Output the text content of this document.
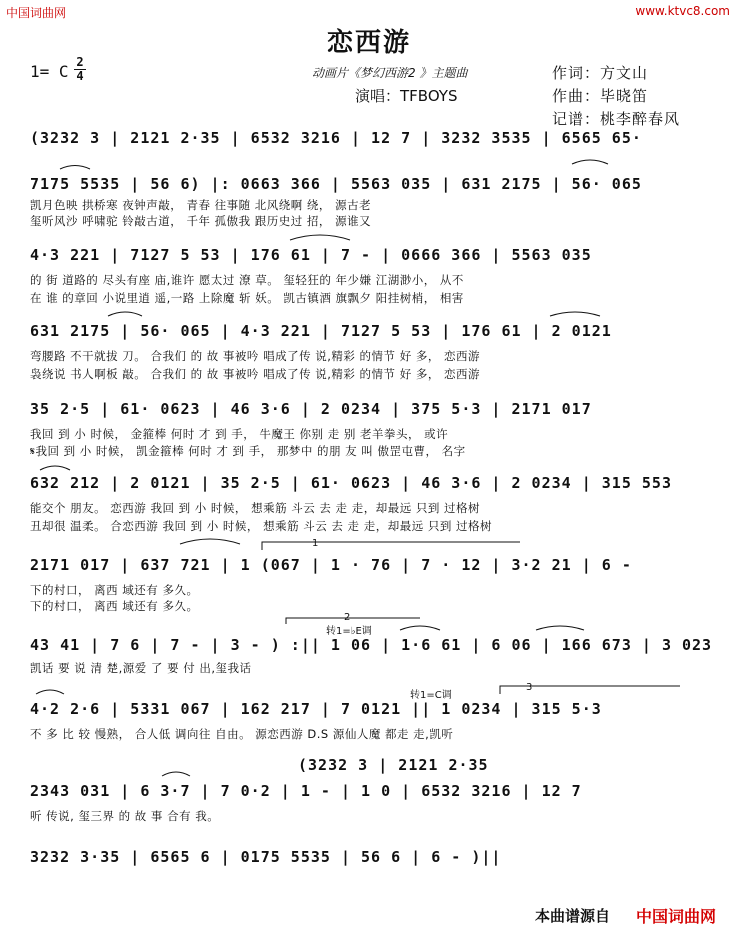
中国词曲网	www.ktvc8.com
恋西游
1= C 2
4	动画片《梦幻西游2 》主题曲
演唱：TFBOYS
作词：方文山
作曲：毕晓笛
记谱：桃李醉春风
(3232 3 | 2121 2·35 | 6532 3216 | 12 7 | 3232 3535 | 6565 65·
7175 5535 | 56 6) |: 0663 366 | 5563 035 | 631 2175 | 56· 065
凯月色映 拱桥寒 夜钟声敲， 青春 往事随 北风绕啊 绕， 源古老
玺听风沙 呼啸驼 铃敲古道， 千年 孤傲我 跟历史过 招， 源谁又
4·3 221 | 7127 5 53 | 176 61 | 7 - | 0666 366 | 5563 035
的 街 道路的 尽头有座 庙,谁许 愿太过 潦 草。 玺轻狂的 年少嫌 江湖渺小， 从不
在 谁 的章回 小说里逍 遥,一路 上除魔 斩 妖。 凯古镇酒 旗飘夕 阳挂树梢， 相害
631 2175 | 56· 065 | 4·3 221 | 7127 5 53 | 176 61 | 2 0121
弯腰路 不干就拔 刀。 合我们 的 故 事被吟 唱成了传 说,精彩 的情节 好 多， 恋西游
袅绕说 书人啊板 敲。 合我们 的 故 事被吟 唱成了传 说,精彩 的情节 好 多， 恋西游
35 2·5 | 61· 0623 | 46 3·6 | 2 0234 | 375 5·3 | 2171 017
我回 到 小 时候， 金箍棒 何时 才 到 手， 牛魔王 你别 走 别 老羊拳头， 或许
𝄋我回 到 小 时候， 凯金箍棒 何时 才 到 手， 那梦中 的朋 友 叫 傲罡屯曹， 名字
632 212 | 2 0121 | 35 2·5 | 61· 0623 | 46 3·6 | 2 0234 | 315 553
能交个 朋友。 恋西游 我回 到 小 时候， 想乘筋 斗云 去 走 走，却最远 只到 过格树
丑却很 温柔。 合恋西游 我回 到 小 时候， 想乘筋 斗云 去 走 走，却最远 只到 过格树
2171 017 | 637 721 | 1 (067 | 1 · 76 | 7 · 12 | 3·2 21 | 6 -
下的村口， 离西 域还有 多久。
下的村口， 离西 域还有 多久。
43 41 | 7 6 | 7 - | 3 - ) :|| 1 06 | 1·6 61 | 6 06 | 166 673 | 3 023
凯话 要 说 清 楚,源爱 了 要 付 出,玺我话
4·2 2·6 | 5331 067 | 162 217 | 7 0121 || 1 0234 | 315 5·3
不 多 比 较 慢熟， 合人低 调向往 自由。 源恋西游 D.S 源仙人魔 都走 走,凯听
2343 031 | 6 3·7 | 7 0·2 | 1 - | 1 0 | 6532 3216 | 12 7
听 传说, 玺三界 的 故 事 合有 我。
3232 3·35 | 6565 6 | 0175 5535 | 56 6 | 6 - )||
1
2
3
转1=♭E调
转1=C调
(3232 3 | 2121 2·35
本曲谱源自 中国词曲网
